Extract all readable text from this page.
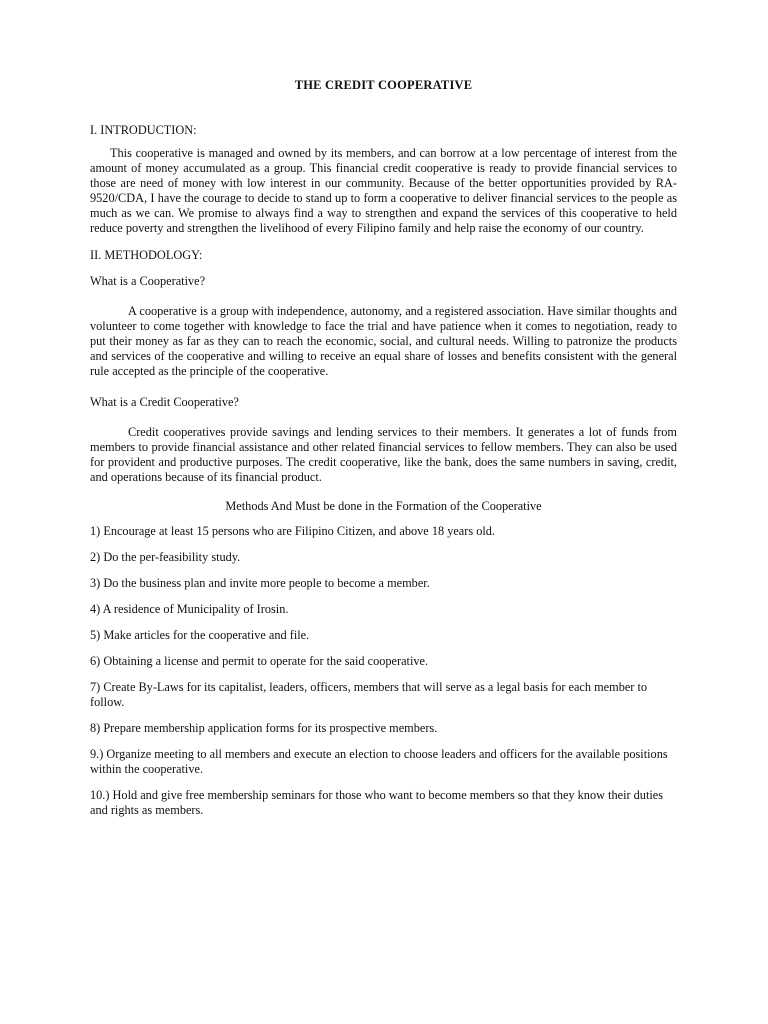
THE CREDIT COOPERATIVE
I. INTRODUCTION:

This cooperative is managed and owned by its members, and can borrow at a low percentage of interest from the amount of money accumulated as a group. This financial credit cooperative is ready to provide financial services to those are need of money with low interest in our community. Because of the better opportunities provided by RA-9520/CDA, I have the courage to decide to stand up to form a cooperative to deliver financial services to the people as much as we can. We promise to always find a way to strengthen and expand the services of this cooperative to held reduce poverty and strengthen the livelihood of every Filipino family and help raise the economy of our country.

II. METHODOLOGY:
What is a Cooperative?

A cooperative is a group with independence, autonomy, and a registered association. Have similar thoughts and volunteer to come together with knowledge to face the trial and have patience when it comes to negotiation, ready to put their money as far as they can to reach the economic, social, and cultural needs. Willing to patronize the products and services of the cooperative and willing to receive an equal share of losses and benefits consistent with the general rule accepted as the principle of the cooperative.

What is a Credit Cooperative?

Credit cooperatives provide savings and lending services to their members. It generates a lot of funds from members to provide financial assistance and other related financial services to fellow members. They can also be used for provident and productive purposes. The credit cooperative, like the bank, does the same numbers in saving, credit, and operations because of its financial product.

Methods And Must be done in the Formation of the Cooperative
1) Encourage at least 15 persons who are Filipino Citizen, and above 18 years old.
2) Do the per-feasibility study.
3) Do the business plan and invite more people to become a member.
4) A residence of Municipality of Irosin.
5) Make articles for the cooperative and file.
6) Obtaining a license and permit to operate for the said cooperative.
7) Create By-Laws for its capitalist, leaders, officers, members that will serve as a legal basis for each member to follow.
8) Prepare membership application forms for its prospective members.
9.) Organize meeting to all members and execute an election to choose leaders and officers for the available positions within the cooperative.
10.) Hold and give free membership seminars for those who want to become members so that they know their duties and rights as members.
